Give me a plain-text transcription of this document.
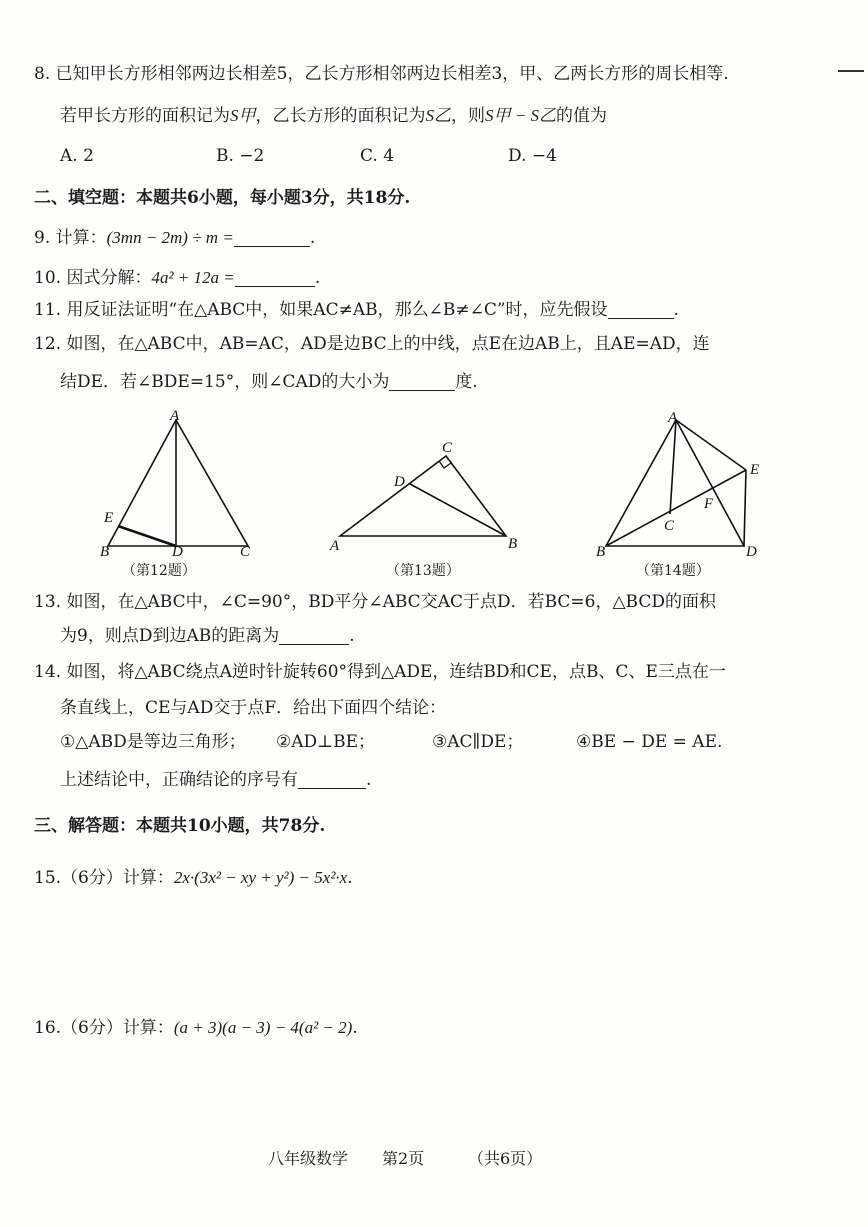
8. 已知甲长方形相邻两边长相差5，乙长方形相邻两边长相差3，甲、乙两长方形的周长相等.
若甲长方形的面积记为S甲，乙长方形的面积记为S乙，则S甲 − S乙的值为
A. 2	B. −2	C. 4	D. −4
二、填空题：本题共6小题，每小题3分，共18分.
9. 计算：(3mn − 2m) ÷ m =	.
10. 因式分解：4a² + 12a =	.
11. 用反证法证明“在△ABC中，如果AC≠AB，那么∠B≠∠C”时，应先假设	.
12. 如图，在△ABC中，AB=AC，AD是边BC上的中线，点E在边AB上，且AE=AD，连
结DE．若∠BDE=15°，则∠CAD的大小为	度.
A
E
B	D	C
（第12题）
C
D
A	B
（第13题）
A
E
F
C
B	D
（第14题）
13. 如图，在△ABC中，∠C=90°，BD平分∠ABC交AC于点D．若BC=6，△BCD的面积
为9，则点D到边AB的距离为	.
14. 如图，将△ABC绕点A逆时针旋转60°得到△ADE，连结BD和CE，点B、C、E三点在一
条直线上，CE与AD交于点F．给出下面四个结论：
①△ABD是等边三角形； ②AD⊥BE；	③AC∥DE；	④BE − DE = AE.
上述结论中，正确结论的序号有	.
三、解答题：本题共10小题，共78分.
15.（6分）计算：2x·(3x² − xy + y²) − 5x²·x.
16.（6分）计算：(a + 3)(a − 3) − 4(a² − 2).
八年级数学 第2页	（共6页）
